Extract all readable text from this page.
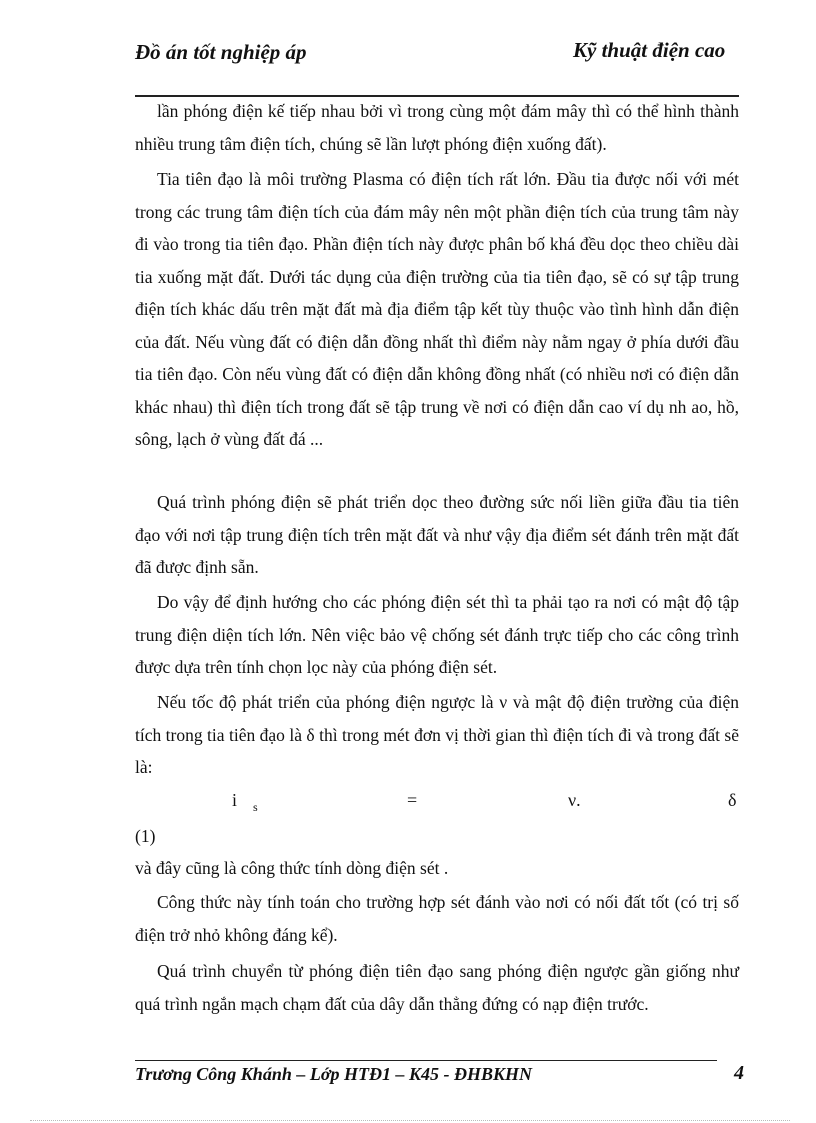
Đồ án tốt nghiệp áp	Kỹ thuật điện cao
lần phóng điện kế tiếp nhau bởi vì trong cùng một đám mây thì có thể hình thành nhiều trung tâm điện tích, chúng sẽ lần lượt phóng điện xuống đất).
Tia tiên đạo là môi trường Plasma có điện tích rất lớn. Đầu tia được nối với mét trong các trung tâm điện tích của đám mây nên một phần điện tích của trung tâm này đi vào trong tia tiên đạo. Phần điện tích này được phân bố khá đều dọc theo chiều dài tia xuống mặt đất. Dưới tác dụng của điện trường của tia tiên đạo, sẽ có sự tập trung điện tích khác dấu trên mặt đất mà địa điểm tập kết tùy thuộc vào tình hình dẫn điện của đất. Nếu vùng đất có điện dẫn đồng nhất thì điểm này nằm ngay ở phía dưới đầu tia tiên đạo. Còn nếu vùng đất có điện dẫn không đồng nhất (có nhiều nơi có điện dẫn khác nhau) thì điện tích trong đất sẽ tập trung về nơi có điện dẫn cao ví dụ nh ao, hồ, sông, lạch ở vùng đất đá ...
Quá trình phóng điện sẽ phát triển dọc theo đường sức nối liền giữa đầu tia tiên đạo với nơi tập trung điện tích trên mặt đất và như vậy địa điểm sét đánh trên mặt đất đã được định sẵn.
Do vậy để định hướng cho các phóng điện sét thì ta phải tạo ra nơi có mật độ tập trung điện diện tích lớn. Nên việc bảo vệ chống sét đánh trực tiếp cho các công trình được dựa trên tính chọn lọc này của phóng điện sét.
Nếu tốc độ phát triển của phóng điện ngược là ν và mật độ điện trường của điện tích trong tia tiên đạo là δ thì trong mét đơn vị thời gian thì điện tích đi và trong đất sẽ là:
i s	=	ν.	δ
(1)
và đây cũng là công thức tính dòng điện sét .
Công thức này tính toán cho trường hợp sét đánh vào nơi có nối đất tốt (có trị số điện trở nhỏ không đáng kể).
Quá trình chuyển từ phóng điện tiên đạo sang phóng điện ngược gần giống như quá trình ngắn mạch chạm đất của dây dẫn thẳng đứng có nạp điện trước.
Trương Công Khánh – Lớp HTĐ1 – K45 - ĐHBKHN	4
